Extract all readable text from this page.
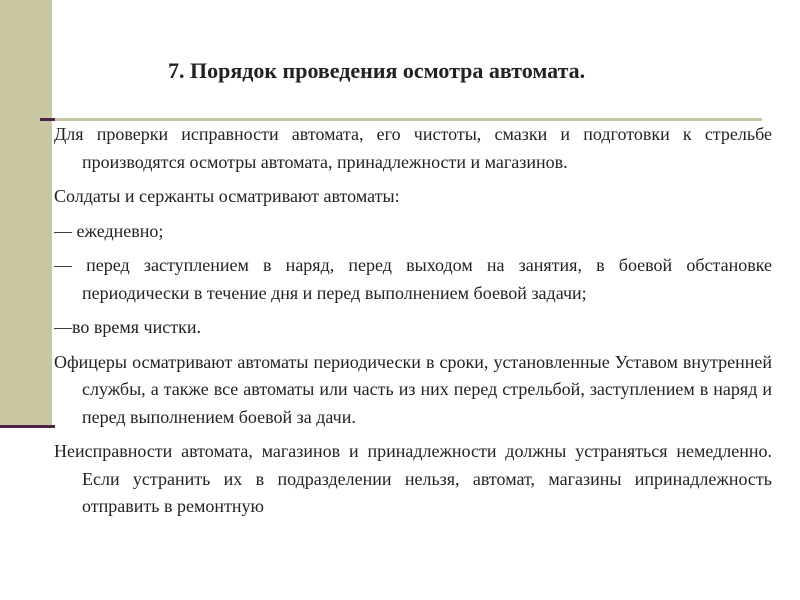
7. Порядок проведения осмотра автомата.

Для проверки исправности автомата, его чистоты, смазки и подготовки к стрельбе производятся осмотры автомата, принадлежности и магазинов.

Солдаты и сержанты осматривают автоматы:

— ежедневно;

— перед заступлением в наряд, перед выходом на занятия, в боевой обстановке периодически в течение дня и перед выполнением боевой задачи;

—во время чистки.

Офицеры осматривают автоматы периодически в сроки, установленные Уставом внутренней службы, а также все автоматы или часть из них перед стрельбой, заступлением в наряд и перед выполнением боевой за дачи.

Неисправности автомата, магазинов и принадлежности должны устраняться немедленно. Если устранить их в подразделении нельзя, автомат, магазины ипринадлежность отправить в ремонтную
